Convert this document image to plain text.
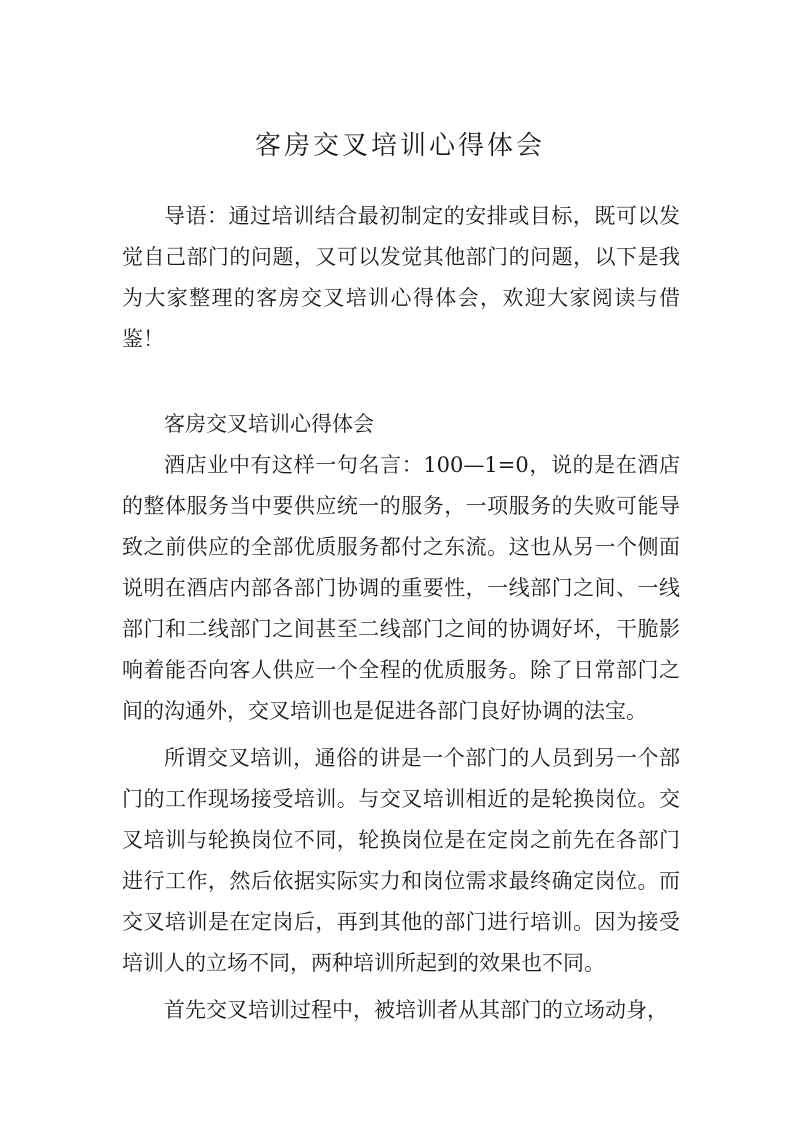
客房交叉培训心得体会

导语：通过培训结合最初制定的安排或目标，既可以发觉自己部门的问题，又可以发觉其他部门的问题，以下是我为大家整理的客房交叉培训心得体会，欢迎大家阅读与借鉴！

客房交叉培训心得体会

酒店业中有这样一句名言：100—1=0，说的是在酒店的整体服务当中要供应统一的服务，一项服务的失败可能导致之前供应的全部优质服务都付之东流。这也从另一个侧面说明在酒店内部各部门协调的重要性，一线部门之间、一线部门和二线部门之间甚至二线部门之间的协调好坏，干脆影响着能否向客人供应一个全程的优质服务。除了日常部门之间的沟通外，交叉培训也是促进各部门良好协调的法宝。

所谓交叉培训，通俗的讲是一个部门的人员到另一个部门的工作现场接受培训。与交叉培训相近的是轮换岗位。交叉培训与轮换岗位不同，轮换岗位是在定岗之前先在各部门进行工作，然后依据实际实力和岗位需求最终确定岗位。而交叉培训是在定岗后，再到其他的部门进行培训。因为接受培训人的立场不同，两种培训所起到的效果也不同。

首先交叉培训过程中，被培训者从其部门的立场动身，
